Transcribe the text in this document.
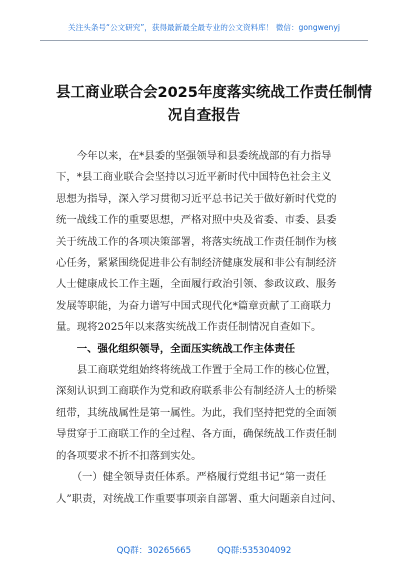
关注头条号“公文研究”，获得最新最全最专业的公文资料库！ 微信：gongwenyj
县工商业联合会2025年度落实统战工作责任制情
况自查报告

　　今年以来，在*县委的坚强领导和县委统战部的有力指导
下，*县工商业联合会坚持以习近平新时代中国特色社会主义
思想为指导，深入学习贯彻习近平总书记关于做好新时代党的
统一战线工作的重要思想，严格对照中央及省委、市委、县委
关于统战工作的各项决策部署，将落实统战工作责任制作为核
心任务，紧紧围绕促进非公有制经济健康发展和非公有制经济
人士健康成长工作主题，全面履行政治引领、参政议政、服务
发展等职能，为奋力谱写中国式现代化*篇章贡献了工商联力
量。现将2025年以来落实统战工作责任制情况自查如下。

　　一、强化组织领导，全面压实统战工作主体责任

　　县工商联党组始终将统战工作置于全局工作的核心位置，
深刻认识到工商联作为党和政府联系非公有制经济人士的桥梁
纽带，其统战属性是第一属性。为此，我们坚持把党的全面领
导贯穿于工商联工作的全过程、各方面，确保统战工作责任制
的各项要求不折不扣落到实处。

　　（一）健全领导责任体系。严格履行党组书记“第一责任
人”职责，对统战工作重要事项亲自部署、重大问题亲自过问、

QQ群：30265665	QQ群:535304092
